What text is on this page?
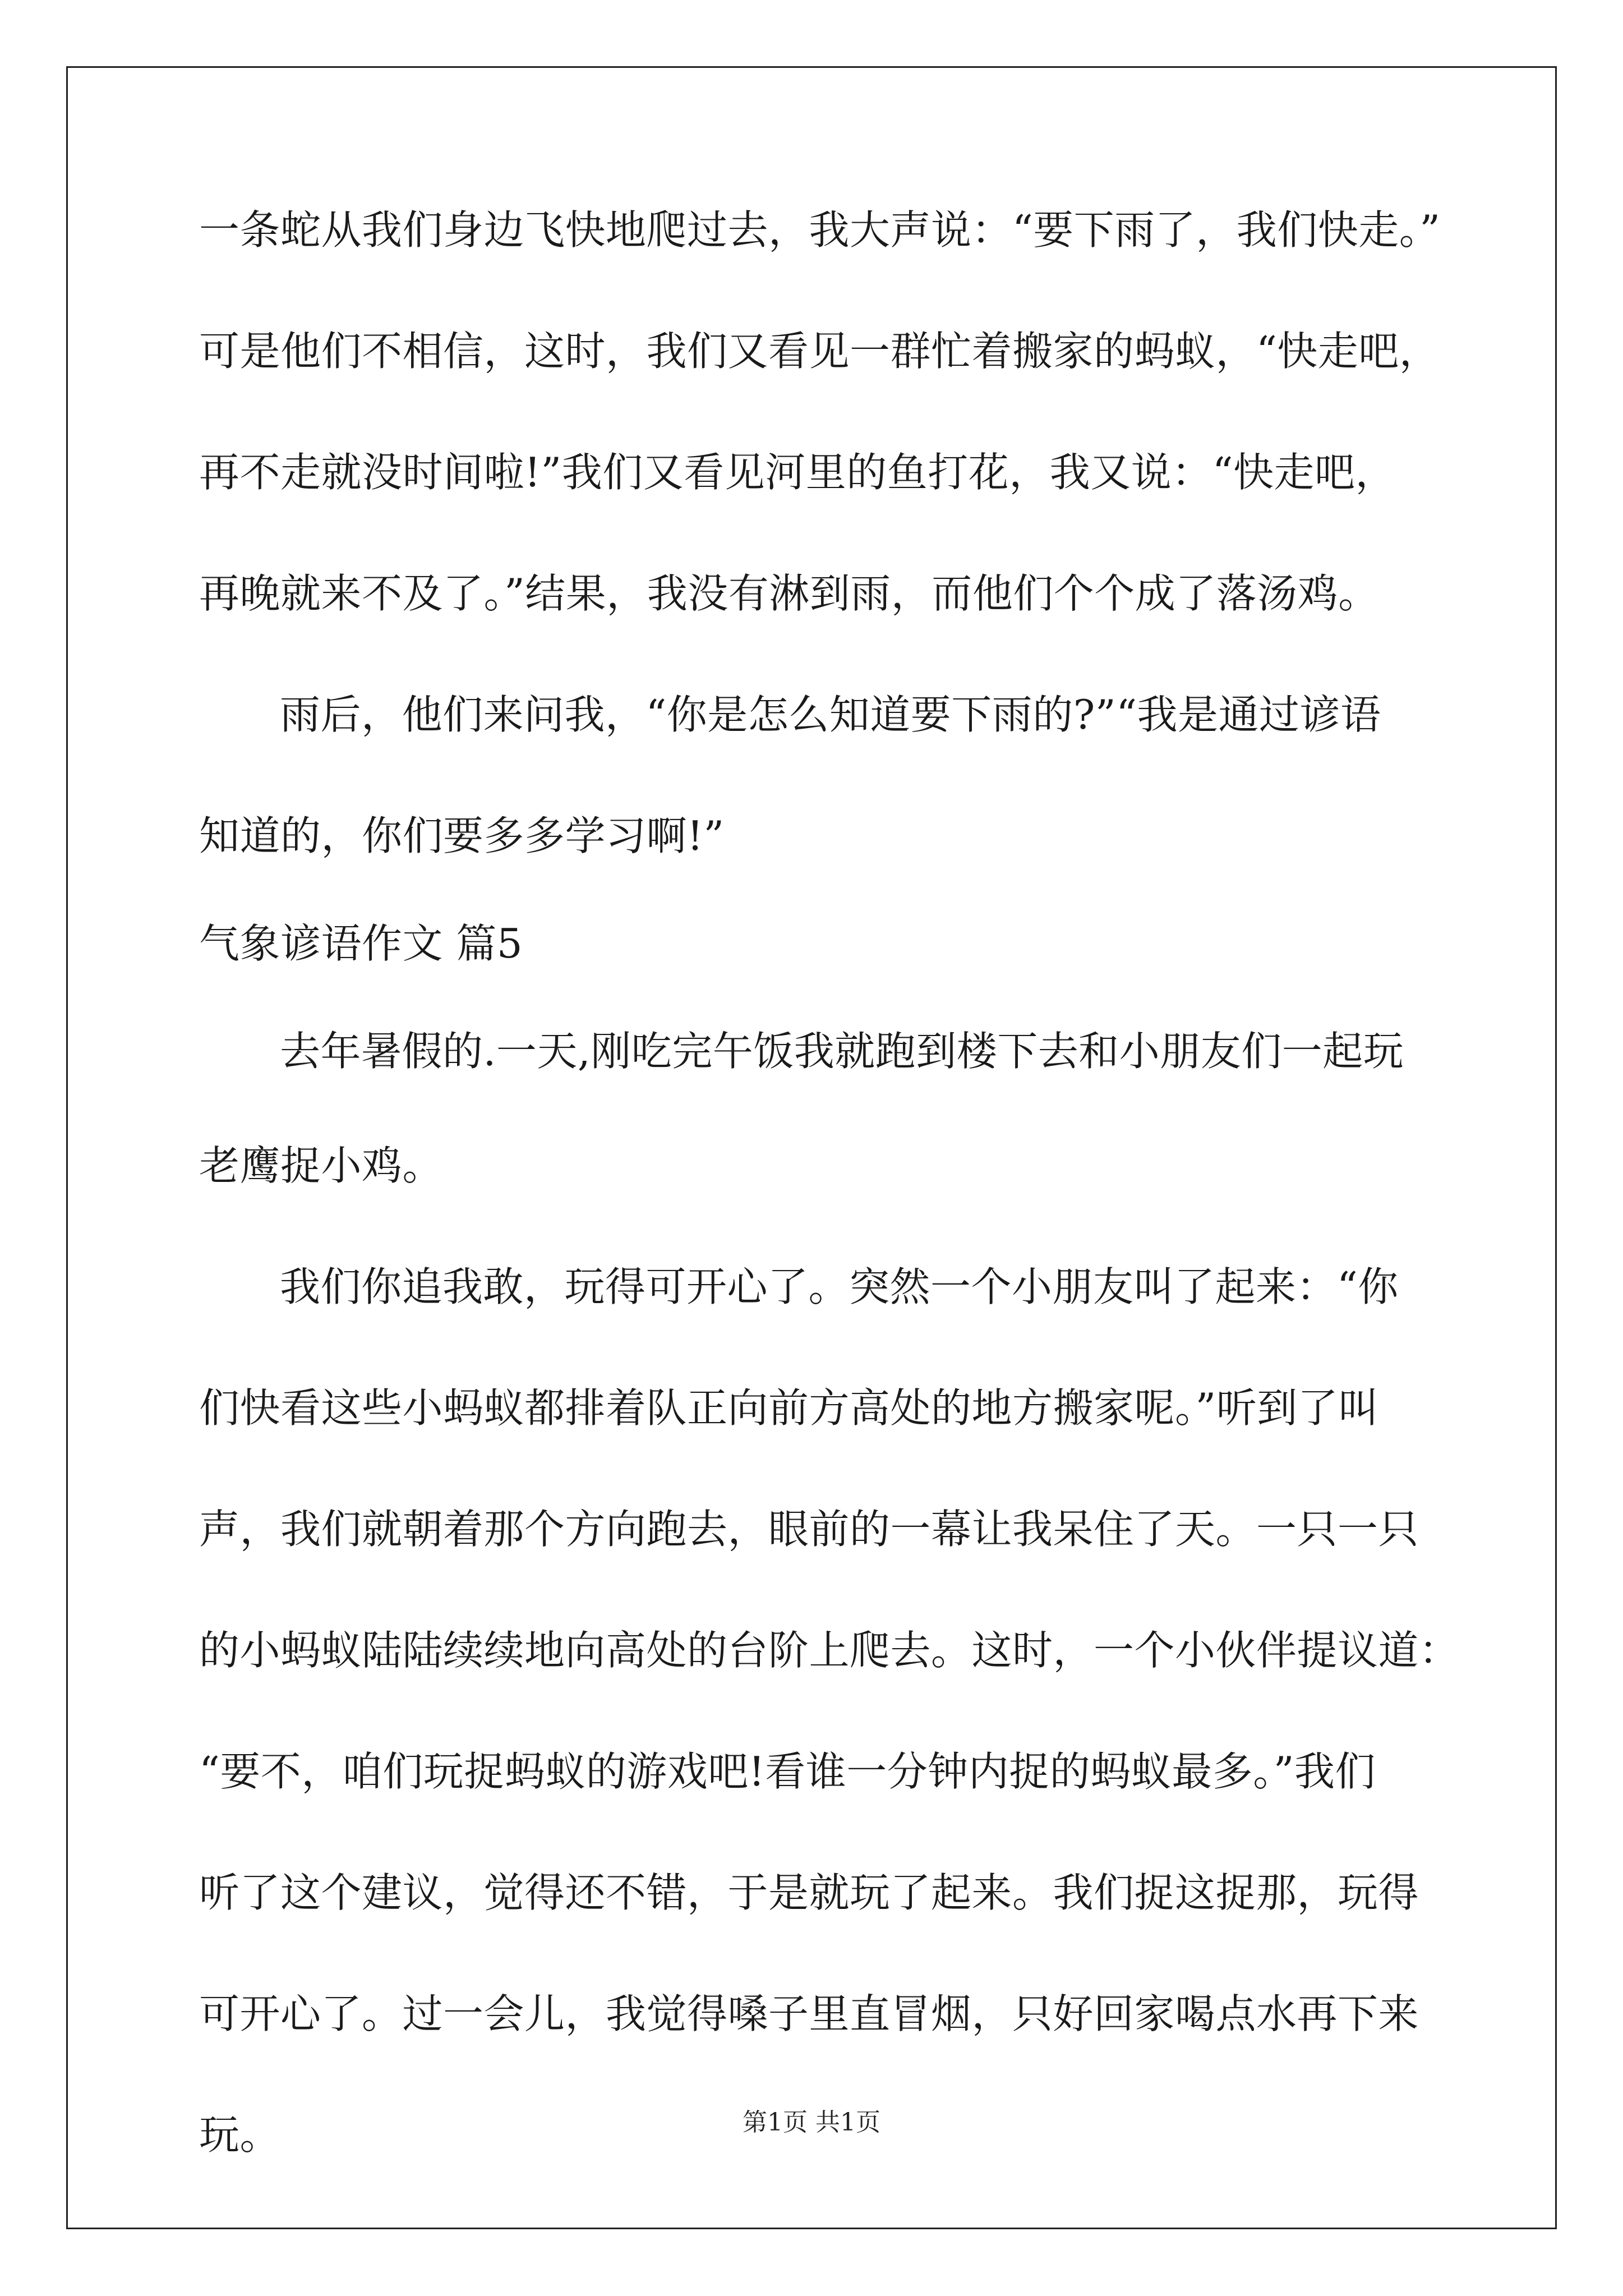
一条蛇从我们身边飞快地爬过去，我大声说：“要下雨了，我们快走。”
可是他们不相信，这时，我们又看见一群忙着搬家的蚂蚁，“快走吧，
再不走就没时间啦!”我们又看见河里的鱼打花，我又说：“快走吧，
再晚就来不及了。”结果，我没有淋到雨，而他们个个成了落汤鸡。
雨后，他们来问我，“你是怎么知道要下雨的?”“我是通过谚语
知道的，你们要多多学习啊!”
气象谚语作文 篇5
去年暑假的.一天,刚吃完午饭我就跑到楼下去和小朋友们一起玩
老鹰捉小鸡。
我们你追我敢，玩得可开心了。突然一个小朋友叫了起来：“你
们快看这些小蚂蚁都排着队正向前方高处的地方搬家呢。”听到了叫
声，我们就朝着那个方向跑去，眼前的一幕让我呆住了天。一只一只
的小蚂蚁陆陆续续地向高处的台阶上爬去。这时，一个小伙伴提议道：
“要不，咱们玩捉蚂蚁的游戏吧!看谁一分钟内捉的蚂蚁最多。”我们
听了这个建议，觉得还不错，于是就玩了起来。我们捉这捉那，玩得
可开心了。过一会儿，我觉得嗓子里直冒烟，只好回家喝点水再下来
玩。	第1页 共1页
